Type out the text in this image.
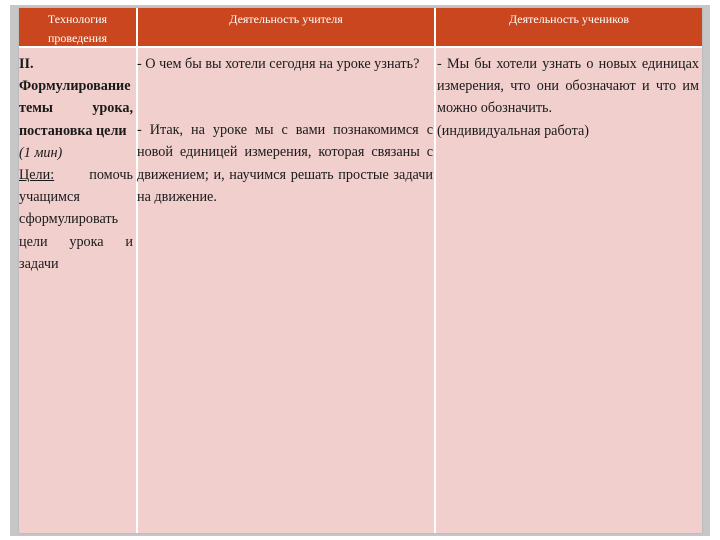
Технология проведения
Деятельность учителя	Деятельность учеников

II. Формулирование темы урока, постановка цели

(1 мин)

Цели: помочь учащимся сформулировать цели урока и задачи

- О чем бы вы хотели сегодня на уроке узнать?

- Итак, на уроке мы с вами познакомимся с новой единицей измерения, которая связаны с движением; и, научимся решать простые задачи на движение.

- Мы бы хотели узнать о новых единицах измерения, что они обозначают и что им можно обозначить.

(индивидуальная работа)
